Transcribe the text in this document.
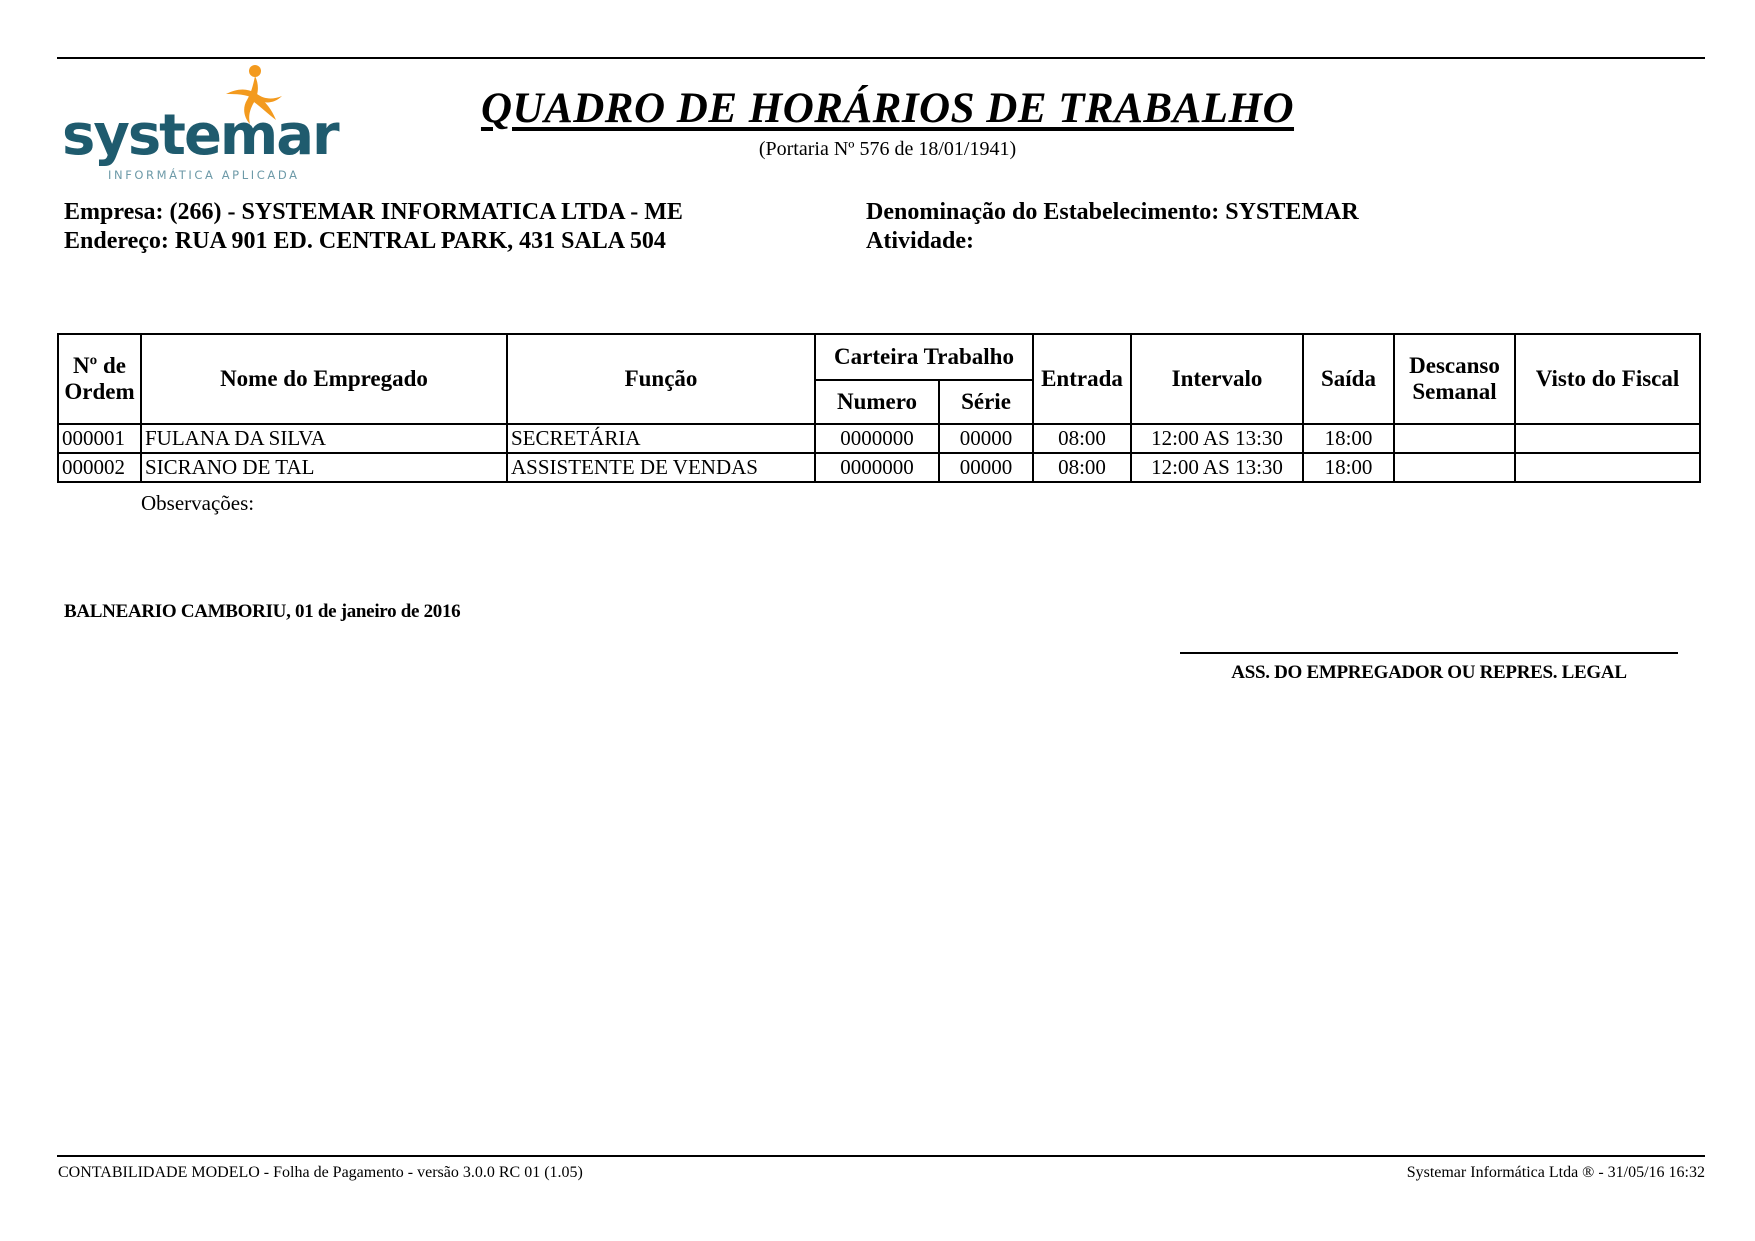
systemar
INFORMÁTICA APLICADA
QUADRO DE HORÁRIOS DE TRABALHO
(Portaria Nº 576 de 18/01/1941)
Empresa: (266) - SYSTEMAR INFORMATICA LTDA - ME
Endereço: RUA 901 ED. CENTRAL PARK, 431 SALA 504
Denominação do Estabelecimento: SYSTEMAR
Atividade:
Nº de Ordem	Nome do Empregado	Função	Carteira Trabalho		Entrada	Intervalo	Saída	Descanso Semanal	Visto do Fiscal
			Numero	Série					
000001	FULANA DA SILVA	SECRETÁRIA	0000000	00000	08:00	12:00 AS 13:30	18:00		
000002	SICRANO DE TAL	ASSISTENTE DE VENDAS	0000000	00000	08:00	12:00 AS 13:30	18:00		
Observações:
BALNEARIO CAMBORIU, 01 de janeiro de 2016
ASS. DO EMPREGADOR OU REPRES. LEGAL
CONTABILIDADE MODELO - Folha de Pagamento - versão 3.0.0 RC 01 (1.05)	Systemar Informática Ltda ® - 31/05/16 16:32
